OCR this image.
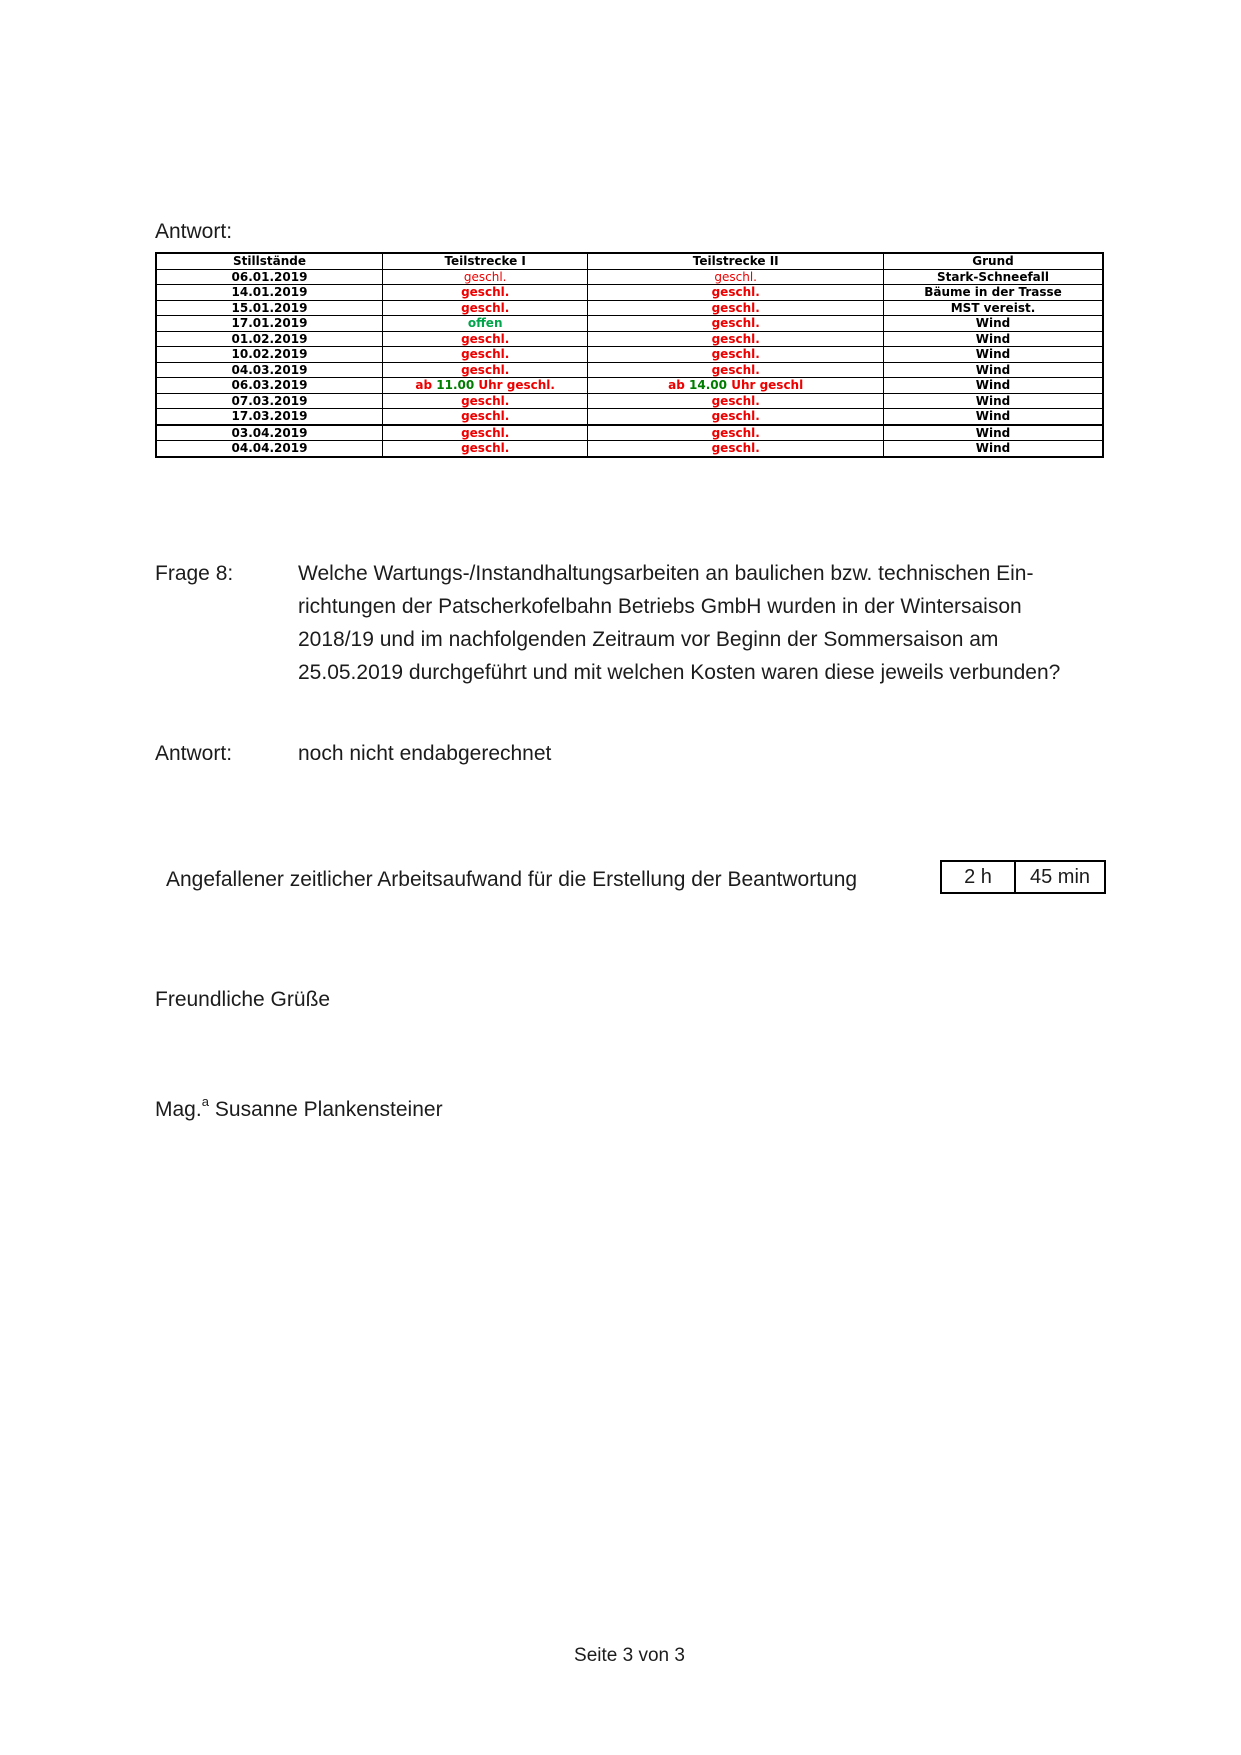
Antwort:
Stillstände	Teilstrecke I	Teilstrecke II	Grund
06.01.2019	geschl.	geschl.	Stark-Schneefall
14.01.2019	geschl.	geschl.	Bäume in der Trasse
15.01.2019	geschl.	geschl.	MST vereist.
17.01.2019	offen	geschl.	Wind
01.02.2019	geschl.	geschl.	Wind
10.02.2019	geschl.	geschl.	Wind
04.03.2019	geschl.	geschl.	Wind
06.03.2019	ab 11.00 Uhr geschl.	ab 14.00 Uhr geschl	Wind
07.03.2019	geschl.	geschl.	Wind
17.03.2019	geschl.	geschl.	Wind
03.04.2019	geschl.	geschl.	Wind
04.04.2019	geschl.	geschl.	Wind
Frage 8:	Welche Wartungs-/Instandhaltungsarbeiten an baulichen bzw. technischen Ein-
richtungen der Patscherkofelbahn Betriebs GmbH wurden in der Wintersaison
2018/19 und im nachfolgenden Zeitraum vor Beginn der Sommersaison am
25.05.2019 durchgeführt und mit welchen Kosten waren diese jeweils verbunden?
Antwort:	noch nicht endabgerechnet
Angefallener zeitlicher Arbeitsaufwand für die Erstellung der Beantwortung	2 h	45 min
Freundliche Grüße
Mag.$^a$ Susanne Plankensteiner
Seite 3 von 3
